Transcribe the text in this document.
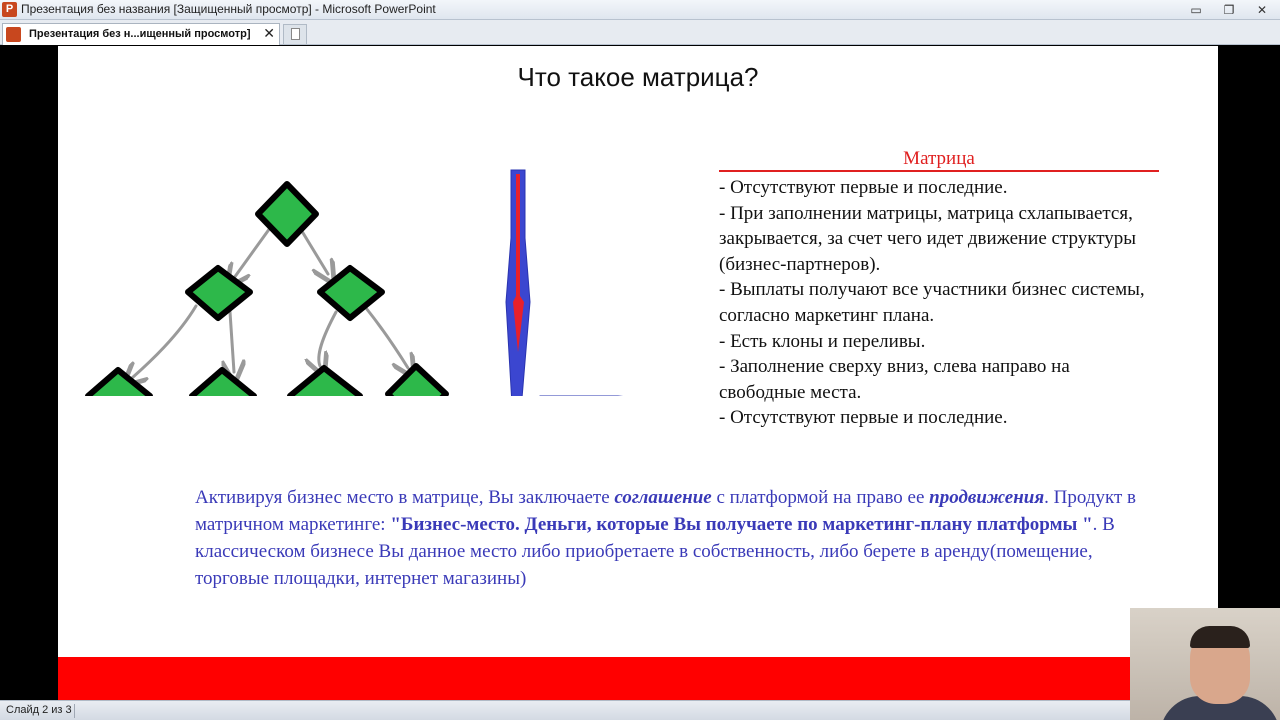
P Презентация без названия [Защищенный просмотр] - Microsoft PowerPoint	▭	❐	✕
Презентация без н...ищенный просмотр] ✕
Что такое матрица?
Матрица
- Отсутствуют первые и последние.
- При заполнении матрицы, матрица схлапывается, закрывается, за счет чего идет движение структуры (бизнес-партнеров).
- Выплаты получают все участники бизнес системы, согласно маркетинг плана.
- Есть клоны и переливы.
- Заполнение сверху вниз, слева направо на свободные места.
- Отсутствуют первые и последние.
Активируя бизнес место в матрице, Вы заключаете соглашение с платформой на право ее продвижения. Продукт в матричном маркетинге: "Бизнес-место. Деньги, которые Вы получаете по маркетинг-плану платформы ". В классическом бизнесе Вы данное место либо приобретаете в собственность, либо берете в аренду(помещение, торговые площадки, интернет магазины)
Слайд 2 из 3
